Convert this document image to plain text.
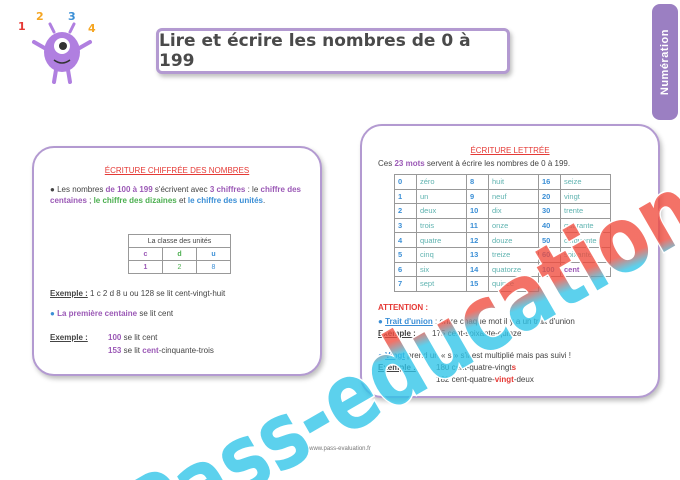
1
2 3
4
Lire et écrire les nombres de 0 à 199	Numération
ÉCRITURE CHIFFRÉE DES NOMBRES
● Les nombres de 100 à 199 s'écrivent avec 3 chiffres : le chiffre des centaines ; le chiffre des dizaines et le chiffre des unités.
La classe des unités		
c	d	u
1	2	8
Exemple : 1 c 2 d 8 u ou 128 se lit cent-vingt-huit
● La première centaine se lit cent
Exemple :	100 se lit cent
153 se lit cent-cinquante-trois
ÉCRITURE LETTRÉE
Ces 23 mots servent à écrire les nombres de 0 à 199.
0	zéro	8	huit	16	seize
1	un	9	neuf	20	vingt
2	deux	10	dix	30	trente
3	trois	11	onze	40	quarante
4	quatre	12	douze	50	cinquante
5	cinq	13	treize	60	soixante
6	six	14	quatorze	100	cent
7	sept	15	quinze		
ATTENTION :
● Trait d'union : entre chaque mot il y a un trait d'union
Exemple : 175 cent-soixante-quinze
● Vingt prend un « s » s'il est multiplié mais pas suivi !
Exemple :	180 cent-quatre-vingts
182 cent-quatre-vingt-deux
www.pass-evaluation.fr
